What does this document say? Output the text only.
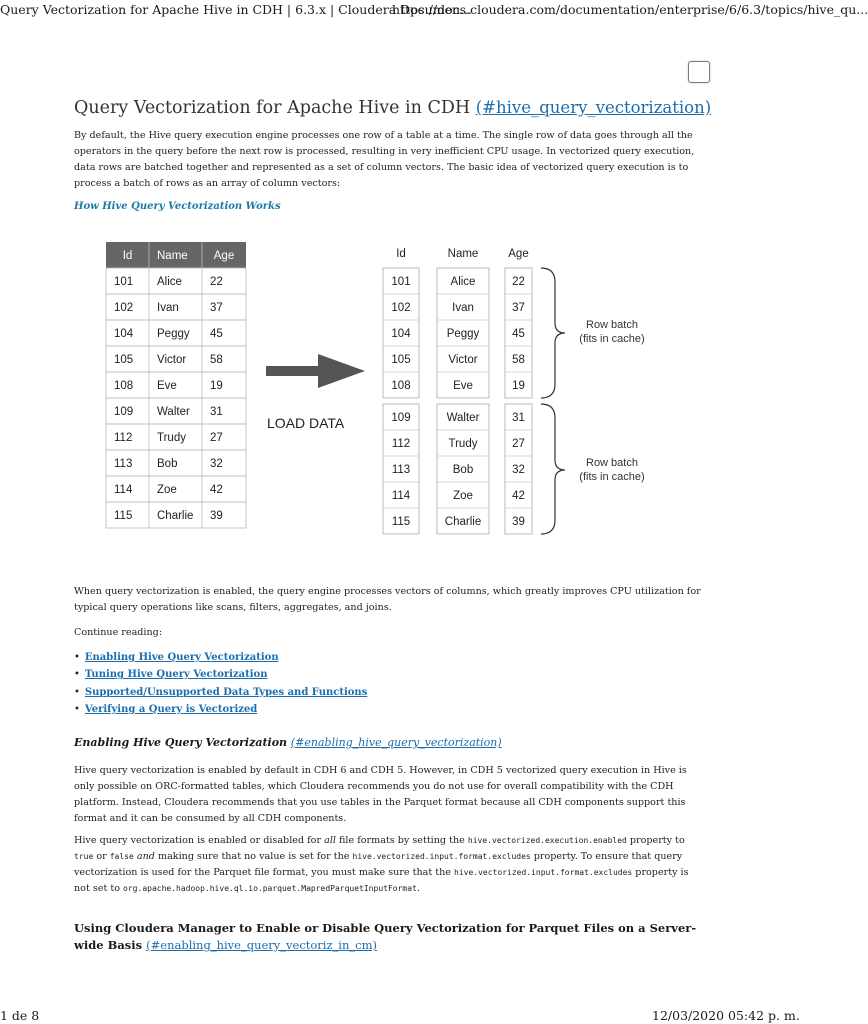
Query Vectorization for Apache Hive in CDH | 6.3.x | Cloudera Documen...
https://docs.cloudera.com/documentation/enterprise/6/6.3/topics/hive_qu...
Query Vectorization for Apache Hive in CDH (#hive_query_vectorization)

By default, the Hive query execution engine processes one row of a table at a time. The single row of data goes through all the operators in the query before the next row is processed, resulting in very inefficient CPU usage. In vectorized query execution, data rows are batched together and represented as a set of column vectors. The basic idea of vectorized query execution is to process a batch of rows as an array of column vectors:

How Hive Query Vectorization Works
Id Name Age
101 Alice 22
102 Ivan	37
104 Peggy 45
105 Victor 58
108 Eve	19
109 Walter 31
112 Trudy 27
113 Bob	32
114 Zoe	42
115 Charlie 39
Id	Name	Age
101	Alice	22
102	Ivan	37
104	Peggy	45
105	Victor	58
108	Eve	19
109	Walter	31
112	Trudy	27
113	Bob	32
114	Zoe	42
115	Charlie	39
LOAD DATA
Row batch
(fits in cache)
Row batch
(fits in cache)

When query vectorization is enabled, the query engine processes vectors of columns, which greatly improves CPU utilization for typical query operations like scans, filters, aggregates, and joins.

Continue reading:

• Enabling Hive Query Vectorization
• Tuning Hive Query Vectorization
• Supported/Unsupported Data Types and Functions
• Verifying a Query is Vectorized
Enabling Hive Query Vectorization (#enabling_hive_query_vectorization)

Hive query vectorization is enabled by default in CDH 6 and CDH 5. However, in CDH 5 vectorized query execution in Hive is only possible on ORC-formatted tables, which Cloudera recommends you do not use for overall compatibility with the CDH platform. Instead, Cloudera recommends that you use tables in the Parquet format because all CDH components support this format and it can be consumed by all CDH components.

Hive query vectorization is enabled or disabled for all file formats by setting the hive.vectorized.execution.enabled property to true or false and making sure that no value is set for the hive.vectorized.input.format.excludes property. To ensure that query vectorization is used for the Parquet file format, you must make sure that the hive.vectorized.input.format.excludes property is not set to org.apache.hadoop.hive.ql.io.parquet.MapredParquetInputFormat.

Using Cloudera Manager to Enable or Disable Query Vectorization for Parquet Files on a Server-wide Basis (#enabling_hive_query_vectoriz_in_cm)
1 de 8	12/03/2020 05:42 p. m.
